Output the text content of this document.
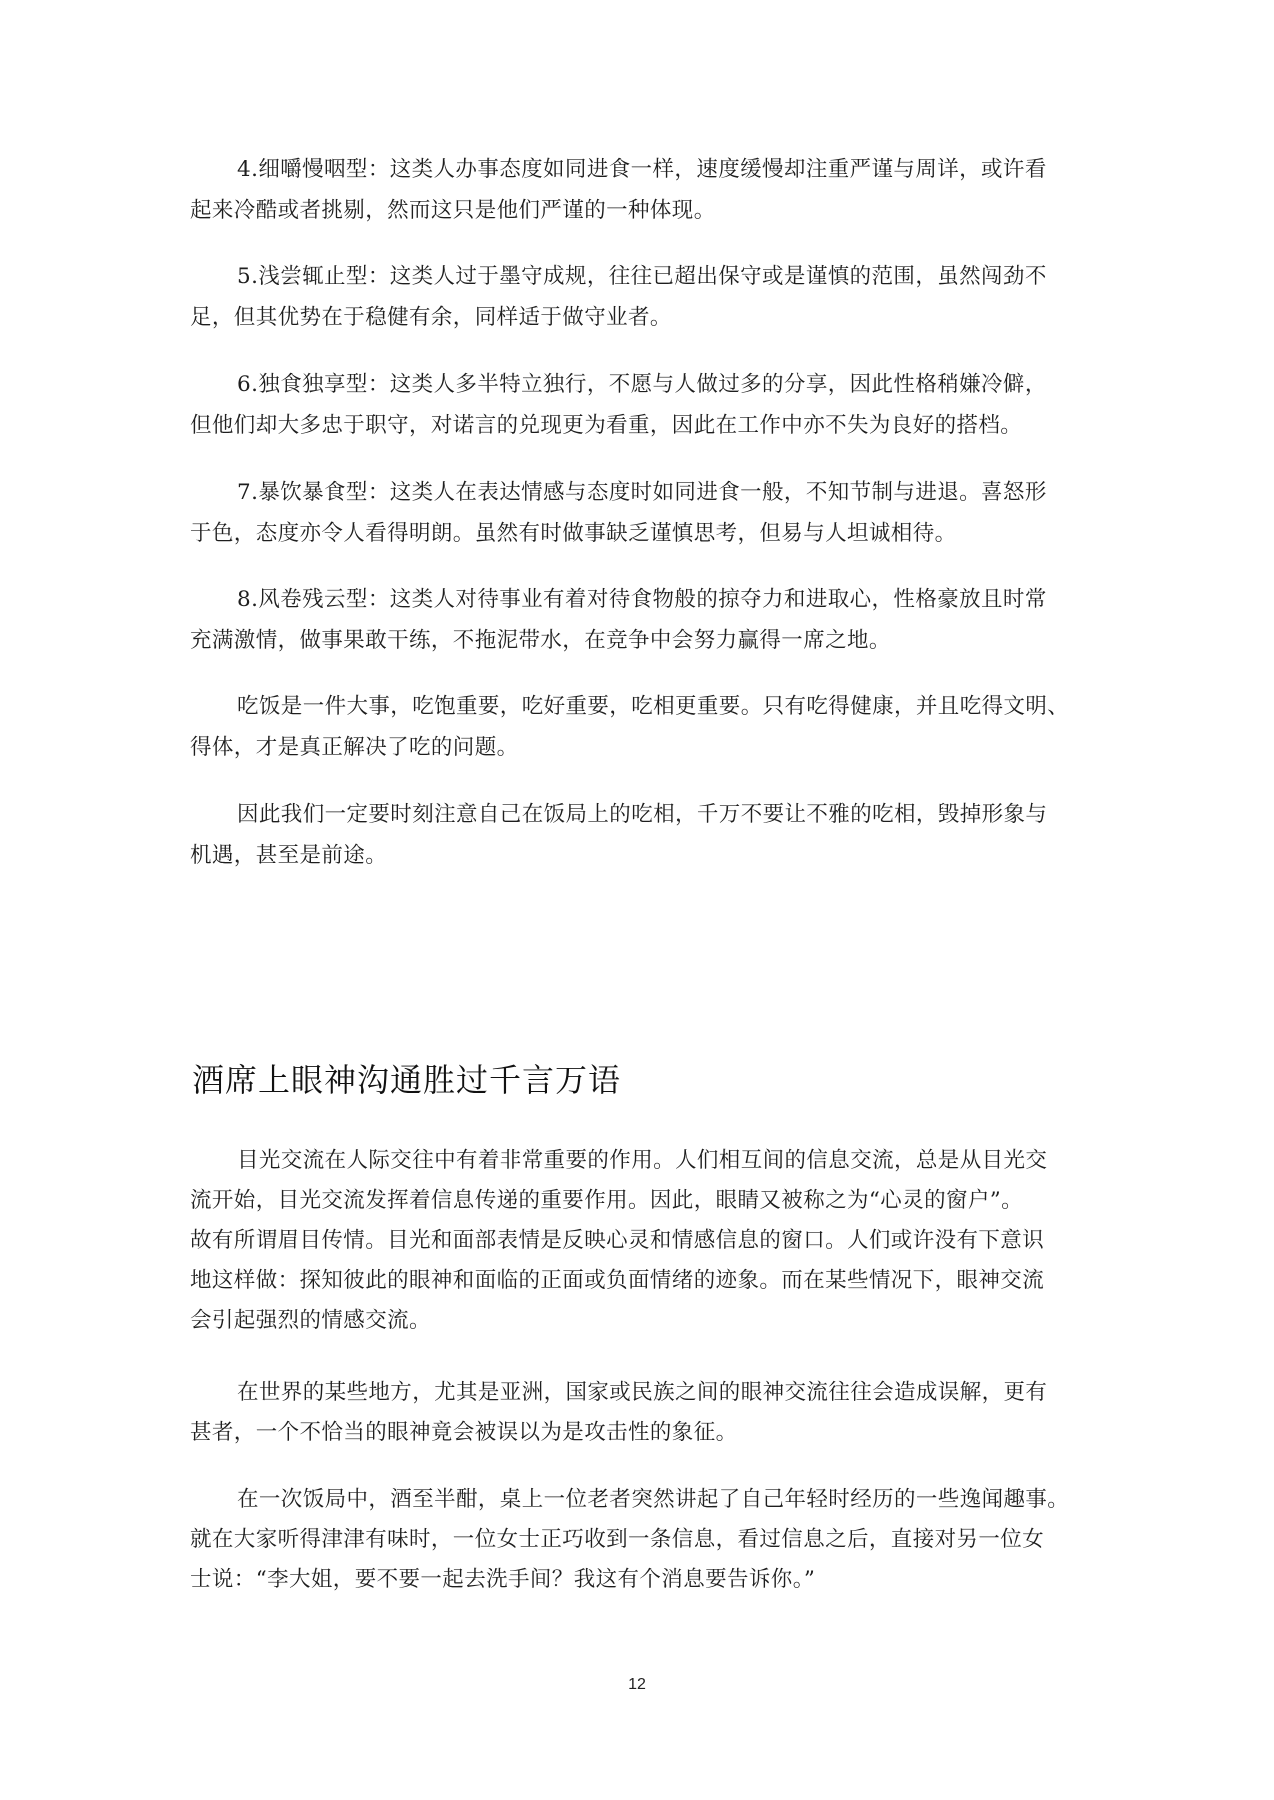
4.细嚼慢咽型：这类人办事态度如同进食一样，速度缓慢却注重严谨与周详，或许看
起来冷酷或者挑剔，然而这只是他们严谨的一种体现。
5.浅尝辄止型：这类人过于墨守成规，往往已超出保守或是谨慎的范围，虽然闯劲不
足，但其优势在于稳健有余，同样适于做守业者。
6.独食独享型：这类人多半特立独行，不愿与人做过多的分享，因此性格稍嫌冷僻，
但他们却大多忠于职守，对诺言的兑现更为看重，因此在工作中亦不失为良好的搭档。
7.暴饮暴食型：这类人在表达情感与态度时如同进食一般，不知节制与进退。喜怒形
于色，态度亦令人看得明朗。虽然有时做事缺乏谨慎思考，但易与人坦诚相待。
8.风卷残云型：这类人对待事业有着对待食物般的掠夺力和进取心，性格豪放且时常
充满激情，做事果敢干练，不拖泥带水，在竞争中会努力赢得一席之地。
吃饭是一件大事，吃饱重要，吃好重要，吃相更重要。只有吃得健康，并且吃得文明、
得体，才是真正解决了吃的问题。
因此我们一定要时刻注意自己在饭局上的吃相，千万不要让不雅的吃相，毁掉形象与
机遇，甚至是前途。
酒席上眼神沟通胜过千言万语
目光交流在人际交往中有着非常重要的作用。人们相互间的信息交流，总是从目光交
流开始，目光交流发挥着信息传递的重要作用。因此，眼睛又被称之为“心灵的窗户”。
故有所谓眉目传情。目光和面部表情是反映心灵和情感信息的窗口。人们或许没有下意识
地这样做：探知彼此的眼神和面临的正面或负面情绪的迹象。而在某些情况下，眼神交流
会引起强烈的情感交流。
在世界的某些地方，尤其是亚洲，国家或民族之间的眼神交流往往会造成误解，更有
甚者，一个不恰当的眼神竟会被误以为是攻击性的象征。
在一次饭局中，酒至半酣，桌上一位老者突然讲起了自己年轻时经历的一些逸闻趣事。
就在大家听得津津有味时，一位女士正巧收到一条信息，看过信息之后，直接对另一位女
士说：“李大姐，要不要一起去洗手间？我这有个消息要告诉你。”
12
